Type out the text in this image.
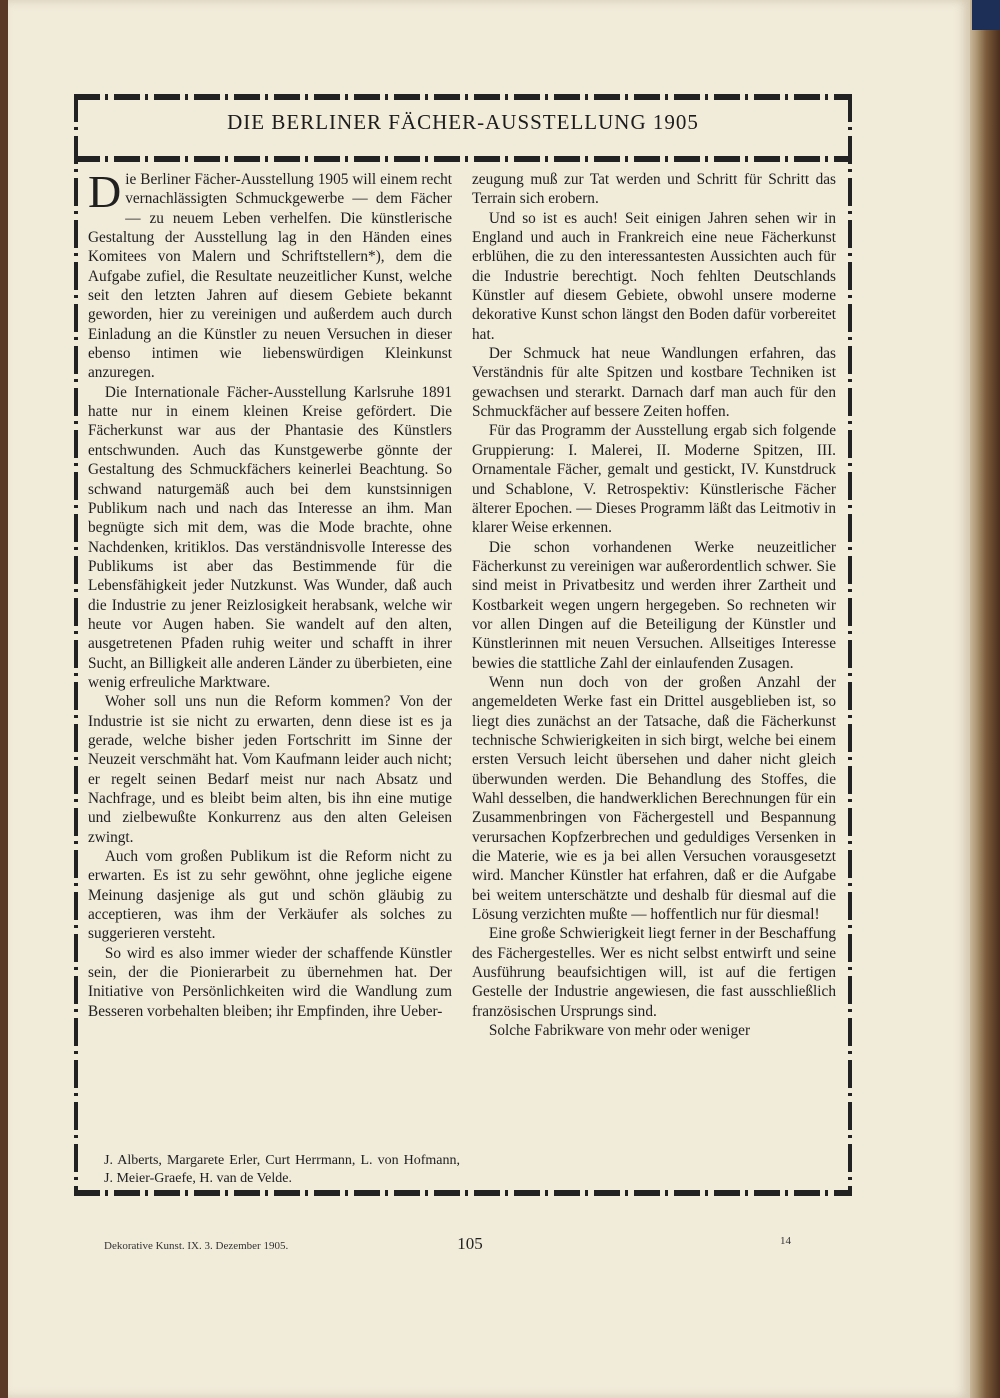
DIE BERLINER FÄCHER-AUSSTELLUNG 1905

Die Berliner Fächer-Ausstellung 1905 will einem recht vernachlässigten Schmuckgewerbe — dem Fächer — zu neuem Leben verhelfen. Die künstlerische Gestaltung der Ausstellung lag in den Händen eines Komitees von Malern und Schriftstellern*), dem die Aufgabe zufiel, die Resultate neuzeitlicher Kunst, welche seit den letzten Jahren auf diesem Gebiete bekannt geworden, hier zu vereinigen und außerdem auch durch Einladung an die Künstler zu neuen Versuchen in dieser ebenso intimen wie liebenswürdigen Kleinkunst anzuregen.

Die Internationale Fächer-Ausstellung Karlsruhe 1891 hatte nur in einem kleinen Kreise gefördert. Die Fächerkunst war aus der Phantasie des Künstlers entschwunden. Auch das Kunstgewerbe gönnte der Gestaltung des Schmuckfächers keinerlei Beachtung. So schwand naturgemäß auch bei dem kunstsinnigen Publikum nach und nach das Interesse an ihm. Man begnügte sich mit dem, was die Mode brachte, ohne Nachdenken, kritiklos. Das verständnisvolle Interesse des Publikums ist aber das Bestimmende für die Lebensfähigkeit jeder Nutzkunst. Was Wunder, daß auch die Industrie zu jener Reizlosigkeit herabsank, welche wir heute vor Augen haben. Sie wandelt auf den alten, ausgetretenen Pfaden ruhig weiter und schafft in ihrer Sucht, an Billigkeit alle anderen Länder zu überbieten, eine wenig erfreuliche Marktware.

Woher soll uns nun die Reform kommen? Von der Industrie ist sie nicht zu erwarten, denn diese ist es ja gerade, welche bisher jeden Fortschritt im Sinne der Neuzeit verschmäht hat. Vom Kaufmann leider auch nicht; er regelt seinen Bedarf meist nur nach Absatz und Nachfrage, und es bleibt beim alten, bis ihn eine mutige und zielbewußte Konkurrenz aus den alten Geleisen zwingt.

Auch vom großen Publikum ist die Reform nicht zu erwarten. Es ist zu sehr gewöhnt, ohne jegliche eigene Meinung dasjenige als gut und schön gläubig zu acceptieren, was ihm der Verkäufer als solches zu suggerieren versteht.

So wird es also immer wieder der schaffende Künstler sein, der die Pionierarbeit zu übernehmen hat. Der Initiative von Persönlichkeiten wird die Wandlung zum Besseren vorbehalten bleiben; ihr Empfinden, ihre Ueber-

zeugung muß zur Tat werden und Schritt für Schritt das Terrain sich erobern.

Und so ist es auch! Seit einigen Jahren sehen wir in England und auch in Frankreich eine neue Fächerkunst erblühen, die zu den interessantesten Aussichten auch für die Industrie berechtigt. Noch fehlten Deutschlands Künstler auf diesem Gebiete, obwohl unsere moderne dekorative Kunst schon längst den Boden dafür vorbereitet hat.

Der Schmuck hat neue Wandlungen erfahren, das Verständnis für alte Spitzen und kostbare Techniken ist gewachsen und sterarkt. Darnach darf man auch für den Schmuckfächer auf bessere Zeiten hoffen.

Für das Programm der Ausstellung ergab sich folgende Gruppierung: I. Malerei, II. Moderne Spitzen, III. Ornamentale Fächer, gemalt und gestickt, IV. Kunstdruck und Schablone, V. Retrospektiv: Künstlerische Fächer älterer Epochen. — Dieses Programm läßt das Leitmotiv in klarer Weise erkennen.

Die schon vorhandenen Werke neuzeitlicher Fächerkunst zu vereinigen war außerordentlich schwer. Sie sind meist in Privatbesitz und werden ihrer Zartheit und Kostbarkeit wegen ungern hergegeben. So rechneten wir vor allen Dingen auf die Beteiligung der Künstler und Künstlerinnen mit neuen Versuchen. Allseitiges Interesse bewies die stattliche Zahl der einlaufenden Zusagen.

Wenn nun doch von der großen Anzahl der angemeldeten Werke fast ein Drittel ausgeblieben ist, so liegt dies zunächst an der Tatsache, daß die Fächerkunst technische Schwierigkeiten in sich birgt, welche bei einem ersten Versuch leicht übersehen und daher nicht gleich überwunden werden. Die Behandlung des Stoffes, die Wahl desselben, die handwerklichen Berechnungen für ein Zusammenbringen von Fächergestell und Bespannung verursachen Kopfzerbrechen und geduldiges Versenken in die Materie, wie es ja bei allen Versuchen vorausgesetzt wird. Mancher Künstler hat erfahren, daß er die Aufgabe bei weitem unterschätzte und deshalb für diesmal auf die Lösung verzichten mußte — hoffentlich nur für diesmal!

Eine große Schwierigkeit liegt ferner in der Beschaffung des Fächergestelles. Wer es nicht selbst entwirft und seine Ausführung beaufsichtigen will, ist auf die fertigen Gestelle der Industrie angewiesen, die fast ausschließlich französischen Ursprungs sind.

Solche Fabrikware von mehr oder weniger

J. Alberts, Margarete Erler, Curt Herrmann, L. von Hofmann, J. Meier-Graefe, H. van de Velde.

Dekorative Kunst. IX. 3. Dezember 1905.	105	14
